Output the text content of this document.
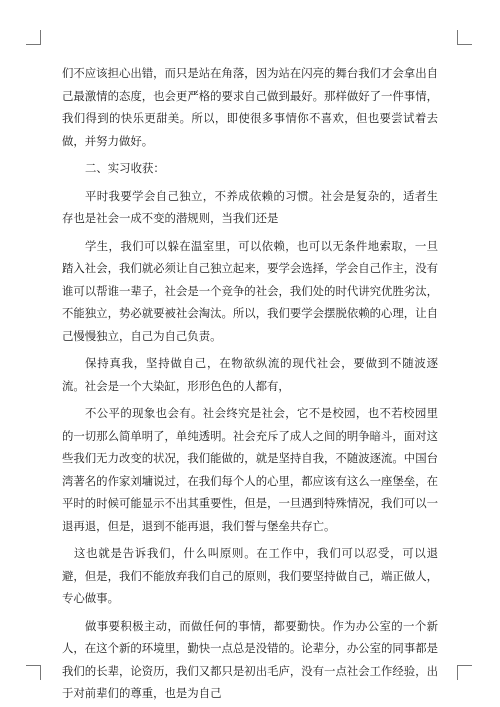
们不应该担心出错，而只是站在角落，因为站在闪亮的舞台我们才会拿出自己最激情的态度，也会更严格的要求自己做到最好。那样做好了一件事情，我们得到的快乐更甜美。所以，即使很多事情你不喜欢，但也要尝试着去做，并努力做好。

二、实习收获：

平时我要学会自己独立，不养成依赖的习惯。社会是复杂的，适者生存也是社会一成不变的潜规则，当我们还是

学生，我们可以躲在温室里，可以依赖，也可以无条件地索取，一旦踏入社会，我们就必须让自己独立起来，要学会选择，学会自己作主，没有谁可以帮谁一辈子，社会是一个竞争的社会，我们处的时代讲究优胜劣汰，不能独立，势必就要被社会淘汰。所以，我们要学会摆脱依赖的心理，让自己慢慢独立，自己为自己负责。

保持真我，坚持做自己，在物欲纵流的现代社会，要做到不随波逐流。社会是一个大染缸，形形色色的人都有，

不公平的现象也会有。社会终究是社会，它不是校园，也不若校园里的一切那么简单明了，单纯透明。社会充斥了成人之间的明争暗斗，面对这些我们无力改变的状况，我们能做的，就是坚持自我，不随波逐流。中国台湾著名的作家刘墉说过，在我们每个人的心里，都应该有这么一座堡垒，在平时的时候可能显示不出其重要性，但是，一旦遇到特殊情况，我们可以一退再退，但是，退到不能再退，我们誓与堡垒共存亡。

这也就是告诉我们，什么叫原则。在工作中，我们可以忍受，可以退避，但是，我们不能放弃我们自己的原则，我们要坚持做自己，端正做人，专心做事。

做事要积极主动，而做任何的事情，都要勤快。作为办公室的一个新人，在这个新的环境里，勤快一点总是没错的。论辈分，办公室的同事都是我们的长辈，论资历，我们又都只是初出毛庐，没有一点社会工作经验，出于对前辈们的尊重，也是为自己
